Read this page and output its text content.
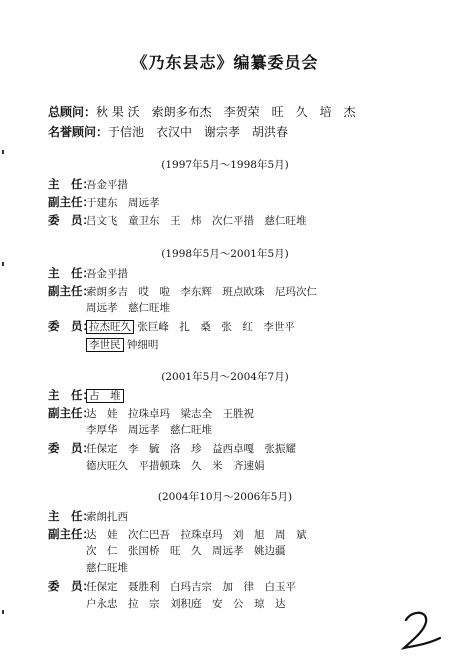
《乃东县志》编纂委员会
总顾问：秋 果 沃　索朗多布杰　李贺荣　旺　久　培　杰
名誉顾问：于信池　衣汉中　谢宗孝　胡洪春
(1997年5月～1998年5月)
主　任：吾金平措
副主任：于建东　周远孝
委　员：吕文飞　童卫东　王　炜　次仁平措　慈仁旺堆
(1998年5月～2001年5月)
主　任：吾金平措
副主任：索朗多吉　哎　啦　李东辉　班点欧珠　尼玛次仁
周远孝　慈仁旺堆
委　员：拉杰旺久 张巨峰　扎　桑　张　红　李世平
李世民 钟细明
(2001年5月～2004年7月)
主　任：占　堆
副主任：达　娃　拉珠卓玛　梁志全　王胜祝
李厚华　周远孝　慈仁旺堆
委　员：任保定　李　毓　洛　珍　益西卓嘎　张振耀
德庆旺久　平措顿珠　久　米　齐速娟
(2004年10月～2006年5月)
主　任：索朗扎西
副主任：达　娃　次仁巴吾　拉珠卓玛　刘　旭　周　斌
次　仁　张国桥　旺　久　周远孝　姚边疆
慈仁旺堆
委　员：任保定　聂胜利　白玛吉宗　加　律　白玉平
户永忠　拉　宗　刘积庭　安　公　琼　达
